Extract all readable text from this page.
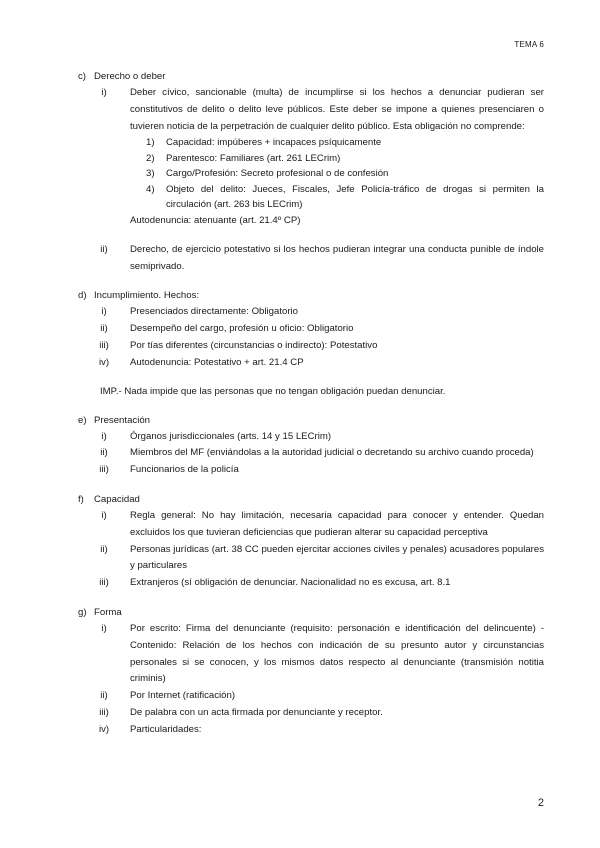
TEMA 6
c) Derecho o deber
i)	Deber cívico, sancionable (multa) de incumplirse si los hechos a denunciar pudieran ser constitutivos de delito o delito leve públicos. Este deber se impone a quienes presenciaren o tuvieren noticia de la perpetración de cualquier delito público. Esta obligación no comprende:
1)	Capacidad: impúberes + incapaces psíquicamente
2)	Parentesco: Familiares (art. 261 LECrim)
3)	Cargo/Profesión: Secreto profesional o de confesión
4)	Objeto del delito: Jueces, Fiscales, Jefe Policía-tráfico de drogas si permiten la circulación (art. 263 bis LECrim)
Autodenuncia: atenuante (art. 21.4º CP)
ii)	Derecho, de ejercicio potestativo si los hechos pudieran integrar una conducta punible de índole semiprivado.
d) Incumplimiento. Hechos:
i)	Presenciados directamente: Obligatorio
ii)	Desempeño del cargo, profesión u oficio: Obligatorio
iii)	Por tías diferentes (circunstancias o indirecto): Potestativo
iv)	Autodenuncia: Potestativo + art. 21.4 CP
IMP.- Nada impide que las personas que no tengan obligación puedan denunciar.
e) Presentación
i)	Órganos jurisdiccionales (arts. 14 y 15 LECrim)
ii)	Miembros del MF (enviándolas a la autoridad judicial o decretando su archivo cuando proceda)
iii)	Funcionarios de la policía
f)	Capacidad
i)	Regla general: No hay limitación, necesaria capacidad para conocer y entender. Quedan excluidos los que tuvieran deficiencias que pudieran alterar su capacidad perceptiva
ii)	Personas jurídicas (art. 38 CC pueden ejercitar acciones civiles y penales) acusadores populares y particulares
iii)	Extranjeros (sí obligación de denunciar. Nacionalidad no es excusa, art. 8.1
g) Forma
i)	Por escrito: Firma del denunciante (requisito: personación e identificación del delincuente) - Contenido: Relación de los hechos con indicación de su presunto autor y circunstancias personales si se conocen, y los mismos datos respecto al denunciante (transmisión notitia criminis)
ii)	Por Internet (ratificación)
iii)	De palabra con un acta firmada por denunciante y receptor.
iv)	Particularidades:
2
